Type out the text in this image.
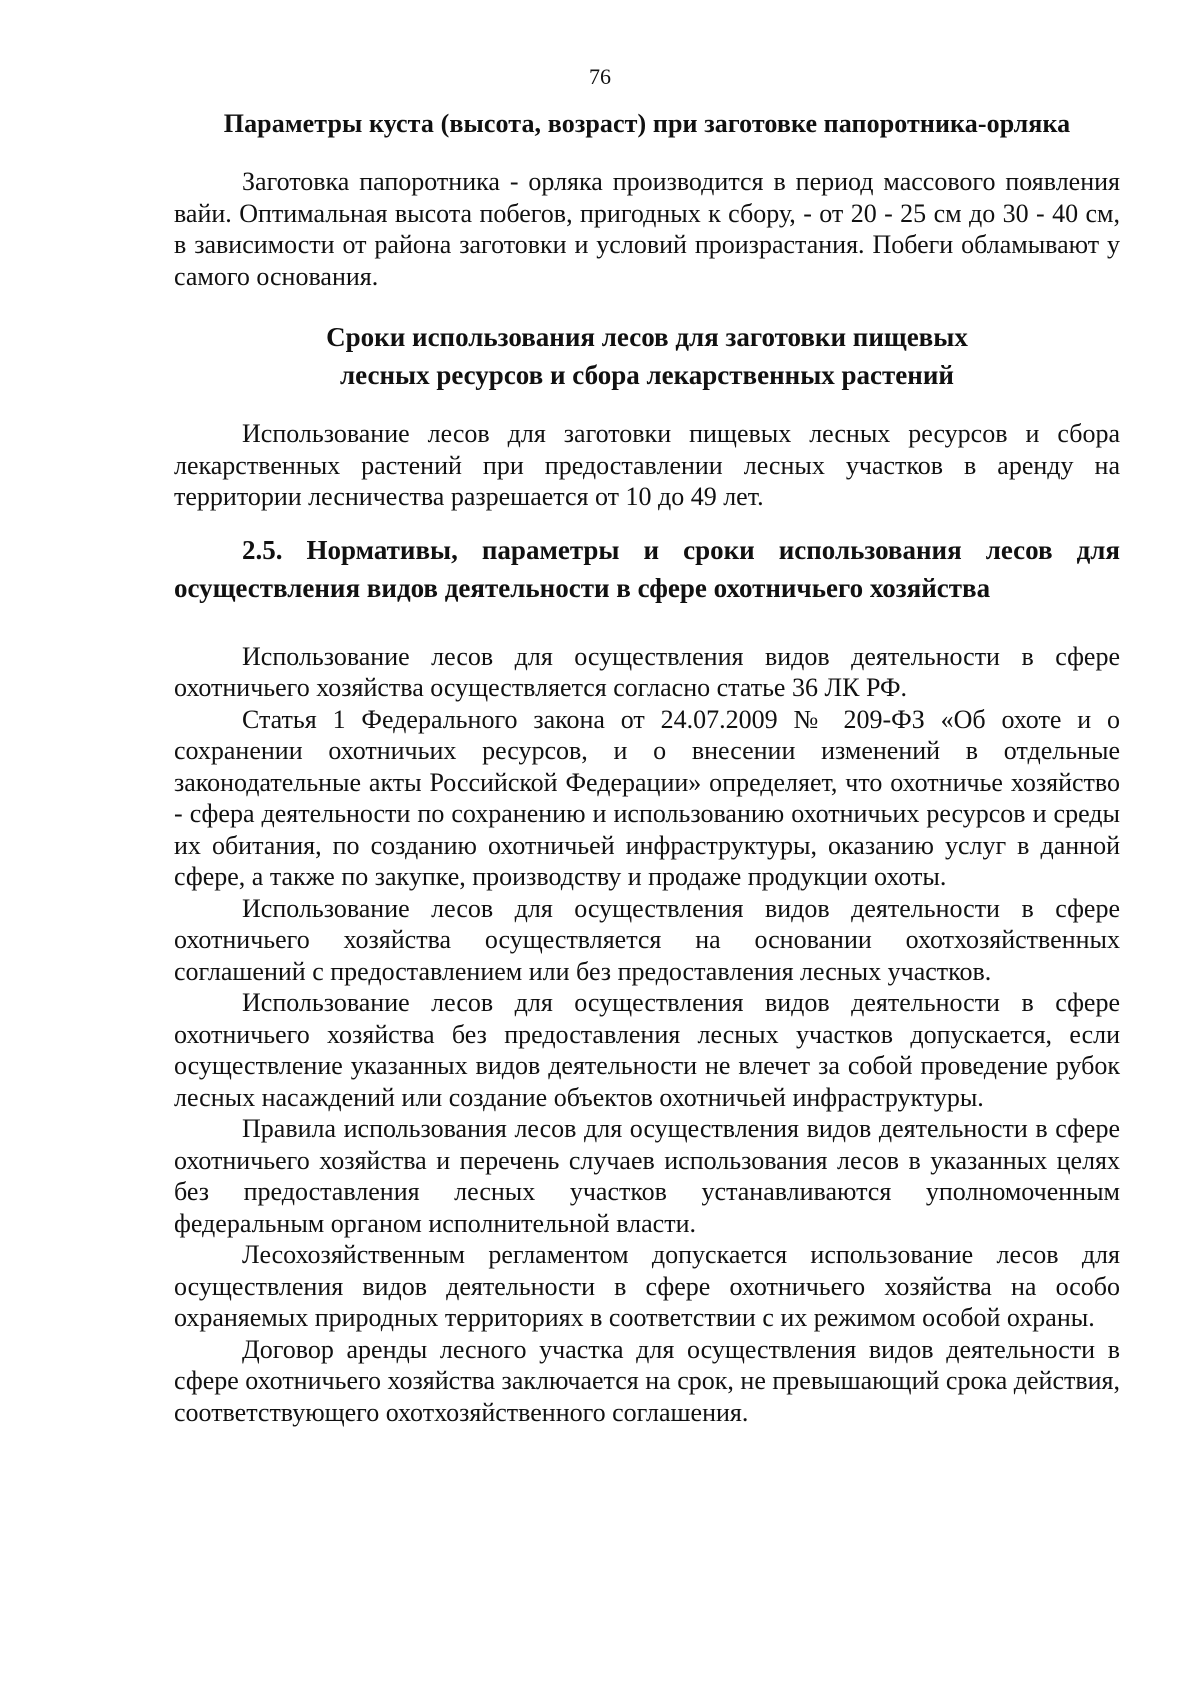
76
Параметры куста (высота, возраст) при заготовке папоротника-орляка

Заготовка папоротника - орляка производится в период массового появления вайи. Оптимальная высота побегов, пригодных к сбору, - от 20 - 25 см до 30 - 40 см, в зависимости от района заготовки и условий произрастания. Побеги обламывают у самого основания.

Сроки использования лесов для заготовки пищевых
лесных ресурсов и сбора лекарственных растений

Использование лесов для заготовки пищевых лесных ресурсов и сбора лекарственных растений при предоставлении лесных участков в аренду на территории лесничества разрешается от 10 до 49 лет.

2.5. Нормативы, параметры и сроки использования лесов для осуществления видов деятельности в сфере охотничьего хозяйства

Использование лесов для осуществления видов деятельности в сфере охотничьего хозяйства осуществляется согласно статье 36 ЛК РФ.

Статья 1 Федерального закона от 24.07.2009 № 209-ФЗ «Об охоте и о сохранении охотничьих ресурсов, и о внесении изменений в отдельные законодательные акты Российской Федерации» определяет, что охотничье хозяйство - сфера деятельности по сохранению и использованию охотничьих ресурсов и среды их обитания, по созданию охотничьей инфраструктуры, оказанию услуг в данной сфере, а также по закупке, производству и продаже продукции охоты.

Использование лесов для осуществления видов деятельности в сфере охотничьего хозяйства осуществляется на основании охотхозяйственных соглашений с предоставлением или без предоставления лесных участков.

Использование лесов для осуществления видов деятельности в сфере охотничьего хозяйства без предоставления лесных участков допускается, если осуществление указанных видов деятельности не влечет за собой проведение рубок лесных насаждений или создание объектов охотничьей инфраструктуры.

Правила использования лесов для осуществления видов деятельности в сфере охотничьего хозяйства и перечень случаев использования лесов в указанных целях без предоставления лесных участков устанавливаются уполномоченным федеральным органом исполнительной власти.

Лесохозяйственным регламентом допускается использование лесов для осуществления видов деятельности в сфере охотничьего хозяйства на особо охраняемых природных территориях в соответствии с их режимом особой охраны.

Договор аренды лесного участка для осуществления видов деятельности в сфере охотничьего хозяйства заключается на срок, не превышающий срока действия, соответствующего охотхозяйственного соглашения.
